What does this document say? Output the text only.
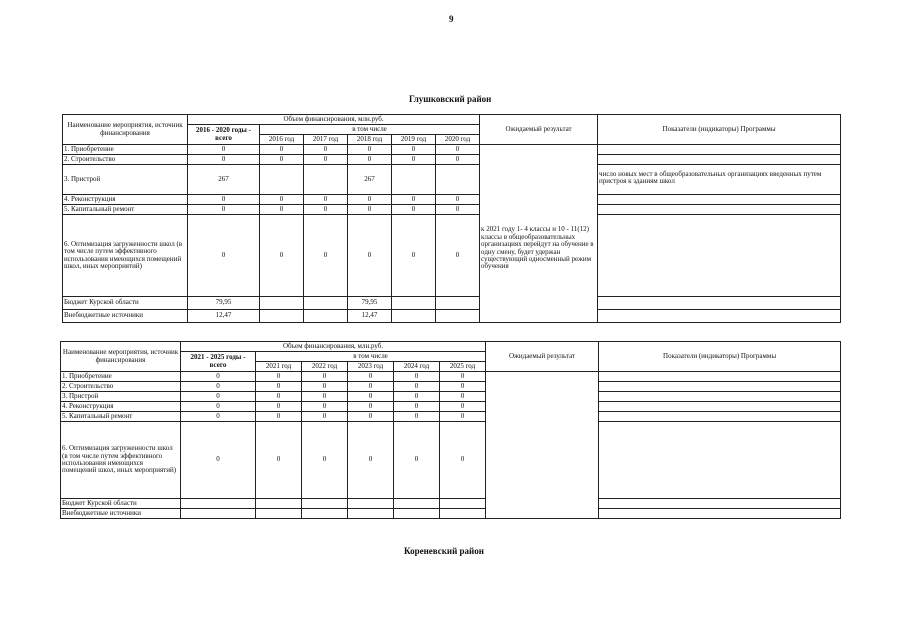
9
Глушковский район
Наименование мероприятия, источник финансирования	Объем финансирования, млн.руб.						Ожидаемый результат	Показатели (индикаторы) Программы
	2016 - 2020 годы - всего	в том числе						
		2016 год	2017 год	2018 год	2019 год	2020 год		
1. Приобретение	0	0	0	0	0	0	к 2021 году 1- 4 классы и 10 - 11(12) классы в общеобразовательных организациях перейдут на обучение в одну смену, будет удержан существующий односменный режим обучения	
2. Строительство	0	0	0	0	0	0		
3. Пристрой	267			267				число новых мест в общеобразовательных организациях введенных путем пристроя к зданиям школ
4. Реконструкция	0	0	0	0	0	0		
5. Капитальный ремонт	0	0	0	0	0	0		
6. Оптимизация загруженности школ (в том числе путем эффективного использования имеющихся помещений школ, иных мероприятий)	0	0	0	0	0	0		
Бюджет Курской области	79,95			79,95				
Внебюджетные источники	12,47			12,47				
Наименование мероприятия, источник финансирования	Объем финансирования, млн.руб.						Ожидаемый результат	Показатели (индикаторы) Программы
	2021 - 2025 годы - всего	в том числе						
		2021 год	2022 год	2023 год	2024 год	2025 год		
1. Приобретение	0	0	0	0	0	0		
2. Строительство	0	0	0	0	0	0		
3. Пристрой	0	0	0	0	0	0		
4. Реконструкция	0	0	0	0	0	0		
5. Капитальный ремонт	0	0	0	0	0	0		
6. Оптимизация загруженности школ (в том числе путем эффективного использования имеющихся помещений школ, иных мероприятий)	0	0	0	0	0	0		
Бюджет Курской области								
Внебюджетные источники								
Кореневский район
